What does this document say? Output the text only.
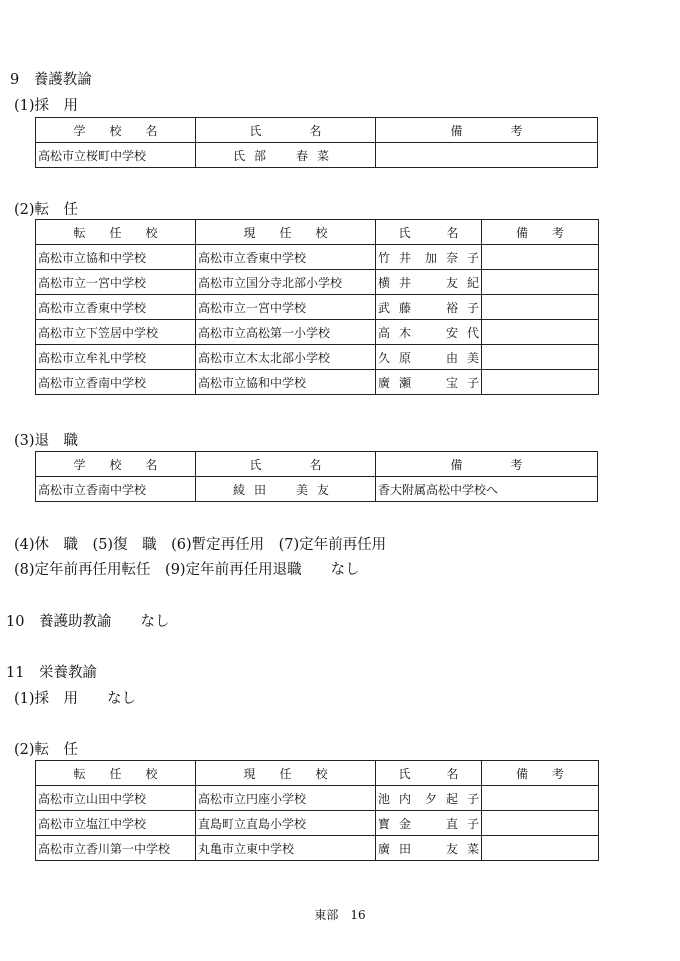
9　養護教論
(1)採　用
学　　校　　名	氏　　　　名	備　　　　考
高松市立桜町中学校	氏部　春菜	
(2)転　任
転　　任　　校	現　　任　　校	氏　　　名	備　　考
高松市立協和中学校	高松市立香東中学校	竹井 加奈子	

高松市立一宮中学校	高松市立国分寺北部小学校	横井 友紀	

高松市立香東中学校	高松市立一宮中学校	武藤 裕子	

高松市立下笠居中学校	高松市立高松第一小学校	高木 安代	

高松市立牟礼中学校	高松市立木太北部小学校	久原 由美	

高松市立香南中学校	高松市立協和中学校	廣瀬 宝子	

(3)退　職
学　　校　　名	氏　　　　名	備　　　　考
高松市立香南中学校	綾田　美友	香大附属高松中学校へ
(4)休　職　(5)復　職　(6)暫定再任用　(7)定年前再任用
(8)定年前再任用転任　(9)定年前再任用退職　　なし
10　養護助教諭　　なし
11　栄養教諭
(1)採　用　　なし
(2)転　任
転　　任　　校	現　　任　　校	氏　　　名	備　　考
高松市立山田中学校	高松市立円座小学校	池内 夕起子	

高松市立塩江中学校	直島町立直島小学校	寳金 直子	

高松市立香川第一中学校	丸亀市立東中学校	廣田 友菜	

東部　16
